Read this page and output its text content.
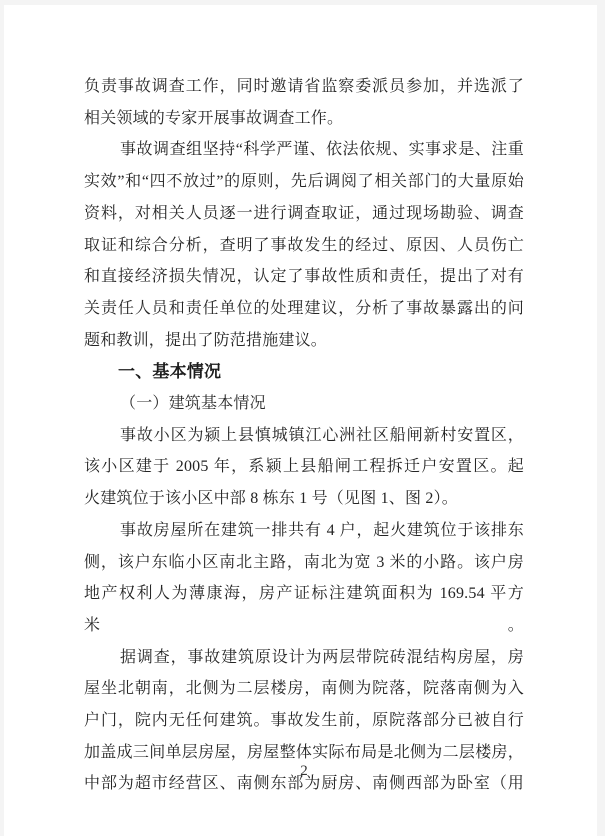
负责事故调查工作，同时邀请省监察委派员参加，并选派了
相关领域的专家开展事故调查工作。
事故调查组坚持“科学严谨、依法依规、实事求是、注重
实效”和“四不放过”的原则，先后调阅了相关部门的大量原始
资料，对相关人员逐一进行调查取证，通过现场勘验、调查
取证和综合分析，查明了事故发生的经过、原因、人员伤亡
和直接经济损失情况，认定了事故性质和责任，提出了对有
关责任人员和责任单位的处理建议，分析了事故暴露出的问
题和教训，提出了防范措施建议。
一、基本情况
（一）建筑基本情况
事故小区为颍上县慎城镇江心洲社区船闸新村安置区，
该小区建于 2005 年，系颍上县船闸工程拆迁户安置区。起
火建筑位于该小区中部 8 栋东 1 号（见图 1、图 2）。
事故房屋所在建筑一排共有 4 户，起火建筑位于该排东
侧，该户东临小区南北主路，南北为宽 3 米的小路。该户房
地产权利人为薄康海，房产证标注建筑面积为 169.54 平方米。
据调查，事故建筑原设计为两层带院砖混结构房屋，房
屋坐北朝南，北侧为二层楼房，南侧为院落，院落南侧为入
户门，院内无任何建筑。事故发生前，原院落部分已被自行
加盖成三间单层房屋，房屋整体实际布局是北侧为二层楼房，
中部为超市经营区、南侧东部为厨房、南侧西部为卧室（用
2
